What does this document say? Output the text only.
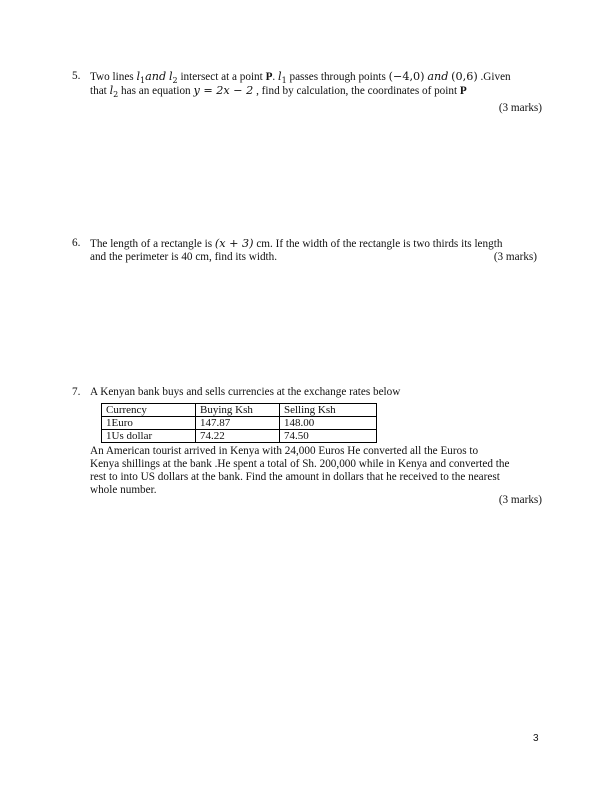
5. Two lines $l_1and$ $l_2$ intersect at a point P. $l_1$ passes through points (−4,0) and (0,6) .Given
that $l_2$ has an equation y = 2x − 2 , find by calculation, the coordinates of point P
(3 marks)
6. The length of a rectangle is (x + 3) cm. If the width of the rectangle is two thirds its length
and the perimeter is 40 cm, find its width.	(3 marks)
7. A Kenyan bank buys and sells currencies at the exchange rates below
Currency	Buying Ksh	Selling Ksh
1Euro	147.87	148.00
1Us dollar	74.22	74.50
An American tourist arrived in Kenya with 24,000 Euros He converted all the Euros to
Kenya shillings at the bank .He spent a total of Sh. 200,000 while in Kenya and converted the
rest to into US dollars at the bank. Find the amount in dollars that he received to the nearest
whole number.
(3 marks)
3
